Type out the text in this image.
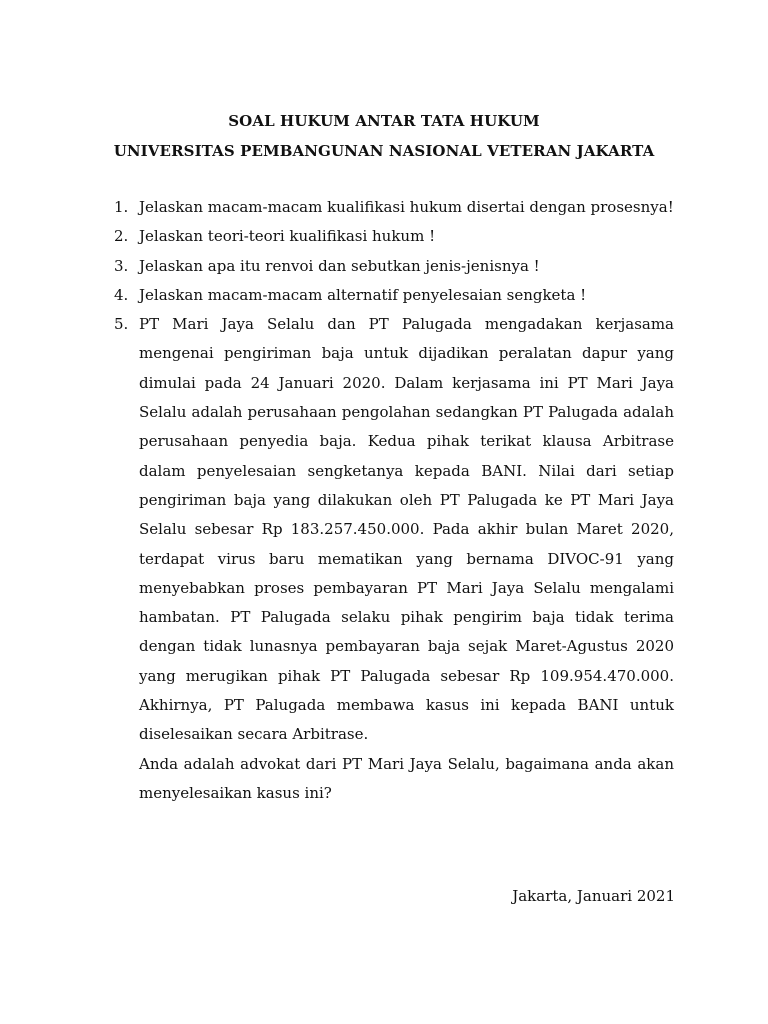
SOAL HUKUM ANTAR TATA HUKUM
UNIVERSITAS PEMBANGUNAN NASIONAL VETERAN JAKARTA
1. Jelaskan macam-macam kualifikasi hukum disertai dengan prosesnya!
2. Jelaskan teori-teori kualifikasi hukum !
3. Jelaskan apa itu renvoi dan sebutkan jenis-jenisnya !
4. Jelaskan macam-macam alternatif penyelesaian sengketa !
5. PT Mari Jaya Selalu dan PT Palugada mengadakan kerjasama mengenai pengiriman baja untuk dijadikan peralatan dapur yang dimulai pada 24 Januari 2020. Dalam kerjasama ini PT Mari Jaya Selalu adalah perusahaan pengolahan sedangkan PT Palugada adalah perusahaan penyedia baja. Kedua pihak terikat klausa Arbitrase dalam penyelesaian sengketanya kepada BANI. Nilai dari setiap pengiriman baja yang dilakukan oleh PT Palugada ke PT Mari Jaya Selalu sebesar Rp 183.257.450.000. Pada akhir bulan Maret 2020, terdapat virus baru mematikan yang bernama DIVOC-91 yang menyebabkan proses pembayaran PT Mari Jaya Selalu mengalami hambatan. PT Palugada selaku pihak pengirim baja tidak terima dengan tidak lunasnya pembayaran baja sejak Maret-Agustus 2020 yang merugikan pihak PT Palugada sebesar Rp 109.954.470.000. Akhirnya, PT Palugada membawa kasus ini kepada BANI untuk diselesaikan secara Arbitrase.
Anda adalah advokat dari PT Mari Jaya Selalu, bagaimana anda akan menyelesaikan kasus ini?
Jakarta, Januari 2021
